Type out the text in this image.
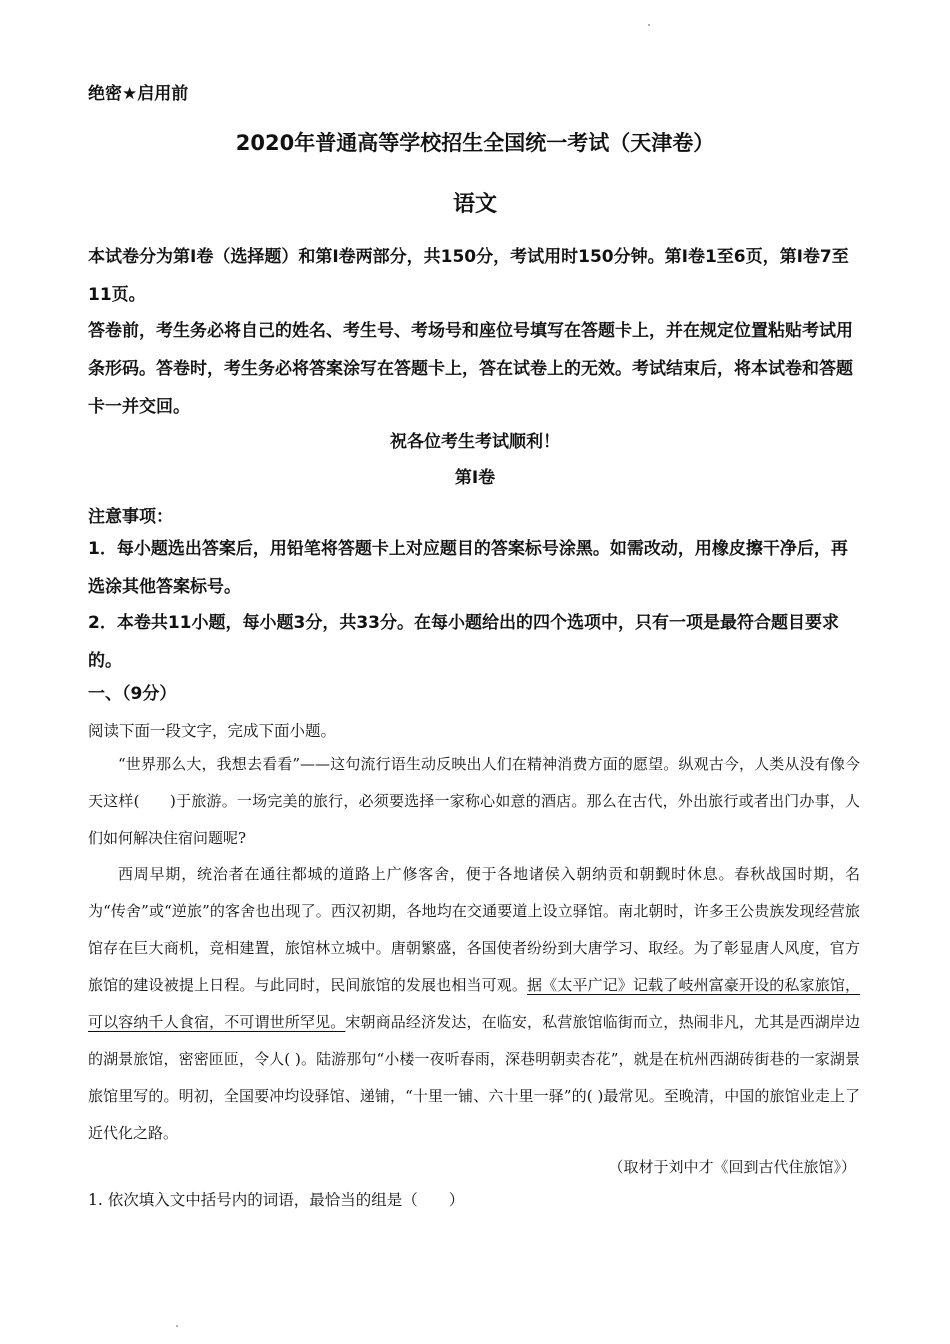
绝密★启用前
2020年普通高等学校招生全国统一考试（天津卷）
语文
本试卷分为第Ⅰ卷（选择题）和第Ⅰ卷两部分，共150分，考试用时150分钟。第Ⅰ卷1至6页，第Ⅰ卷7至11页。
答卷前，考生务必将自己的姓名、考生号、考场号和座位号填写在答题卡上，并在规定位置粘贴考试用条形码。答卷时，考生务必将答案涂写在答题卡上，答在试卷上的无效。考试结束后，将本试卷和答题卡一并交回。
祝各位考生考试顺利！
第Ⅰ卷
注意事项：
1．每小题选出答案后，用铅笔将答题卡上对应题目的答案标号涂黑。如需改动，用橡皮擦干净后，再选涂其他答案标号。
2．本卷共11小题，每小题3分，共33分。在每小题给出的四个选项中，只有一项是最符合题目要求的。
一、（9分）
阅读下面一段文字，完成下面小题。
“世界那么大，我想去看看”——这句流行语生动反映出人们在精神消费方面的愿望。纵观古今，人类从没有像今天这样(　　)于旅游。一场完美的旅行，必须要选择一家称心如意的酒店。那么在古代，外出旅行或者出门办事，人们如何解决住宿问题呢?
西周早期，统治者在通往都城的道路上广修客舍，便于各地诸侯入朝纳贡和朝觐时休息。春秋战国时期，名为“传舍”或“逆旅”的客舍也出现了。西汉初期，各地均在交通要道上设立驿馆。南北朝时，许多王公贵族发现经营旅馆存在巨大商机，竞相建置，旅馆林立城中。唐朝繁盛，各国使者纷纷到大唐学习、取经。为了彰显唐人风度，官方旅馆的建设被提上日程。与此同时，民间旅馆的发展也相当可观。据《太平广记》记载了岐州富豪开设的私家旅馆，可以容纳千人食宿，不可谓世所罕见。宋朝商品经济发达，在临安，私营旅馆临街而立，热闹非凡，尤其是西湖岸边的湖景旅馆，密密匝匝，令人( )。陆游那句“小楼一夜听春雨，深巷明朝卖杏花”，就是在杭州西湖砖街巷的一家湖景旅馆里写的。明初，全国要冲均设驿馆、递铺，“十里一铺、六十里一驿”的( )最常见。至晚清，中国的旅馆业走上了近代化之路。
（取材于刘中才《回到古代住旅馆》）
1. 依次填入文中括号内的词语，最恰当的组是（　　）
